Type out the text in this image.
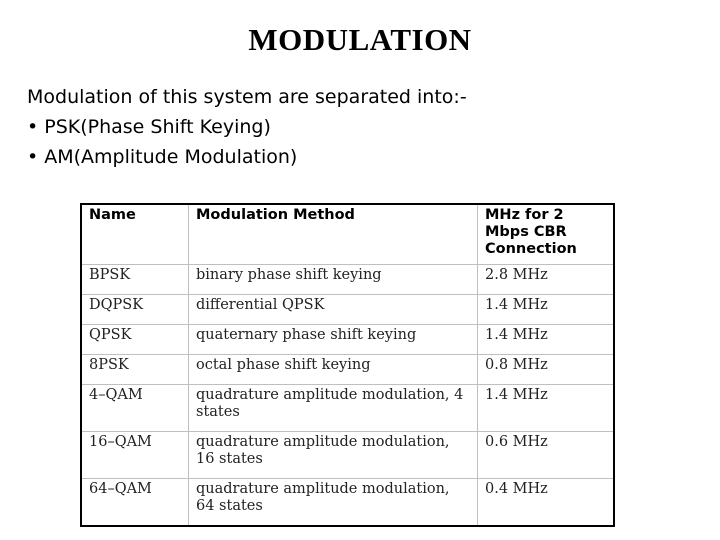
MODULATION
Modulation of this system are separated into:-
• PSK(Phase Shift Keying)
• AM(Amplitude Modulation)
Name	Modulation Method	MHz for 2 Mbps CBR Connection
BPSK	binary phase shift keying	2.8 MHz
DQPSK	differential QPSK	1.4 MHz
QPSK	quaternary phase shift keying	1.4 MHz
8PSK	octal phase shift keying	0.8 MHz
4–QAM	quadrature amplitude modulation, 4 states	1.4 MHz
16–QAM	quadrature amplitude modulation, 16 states	0.6 MHz
64–QAM	quadrature amplitude modulation, 64 states	0.4 MHz
